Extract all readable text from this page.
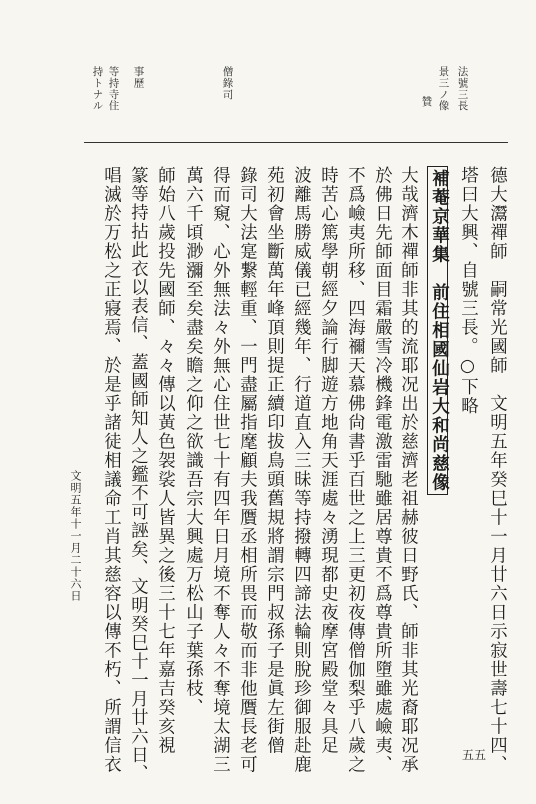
法號三長
景三ノ像
贊
僧錄司
事歷
等持寺住
持トナル
德大灊禪師　嗣常光國師　文明五年癸巳十一月廿六日示寂世壽七十四、
塔曰大興、自號三長。○下略
補菴京華集　前住相國仙岩大和尚慈像
大哉濟木禪師非其的流耶况出於慈濟老祖赫彼日野氏、師非其光裔耶况承
於佛日先師面目霜嚴雪冷機鋒電激雷馳雖居尊貴不爲尊貴所墮雖處嶮夷、
不爲嶮夷所移、四海禰天慕佛尙書乎百世之上三更初夜傳僧伽梨乎八歲之
時苦心篤學朝經夕論行脚遊方地角天涯處々湧現都史夜摩宮殿堂々具足
波離馬勝威儀已經幾年、行道直入三昧等持撥轉四諦法輪則脫珍御服赴鹿
苑初會坐斷萬年峰頂則提正續印拔鳥頭舊規將謂宗門叔孫子是眞左街僧
錄司大法寔繋輕重、一門盡屬指麾顧夫我贋丞相所畏而敬而非他贋長老可
得而窺、心外無法々外無心住世七十有四年日月境不奪人々不奪境太湖三
萬六千頃渺瀰至矣盡矣瞻之仰之欲識吾宗大興處万松山子葉孫枝、
師始八歲投先國師、々々傳以黃色袈裟人皆異之後三十七年嘉吉癸亥視
篆等持拈此衣以表信、蓋國師知人之鑑不可誣矣、文明癸巳十一月廿六日、
唱滅於万松之正寢焉、於是乎諸徒相議命工肖其慈容以傳不朽、所謂信衣
文明五年十一月二十六日
五五
